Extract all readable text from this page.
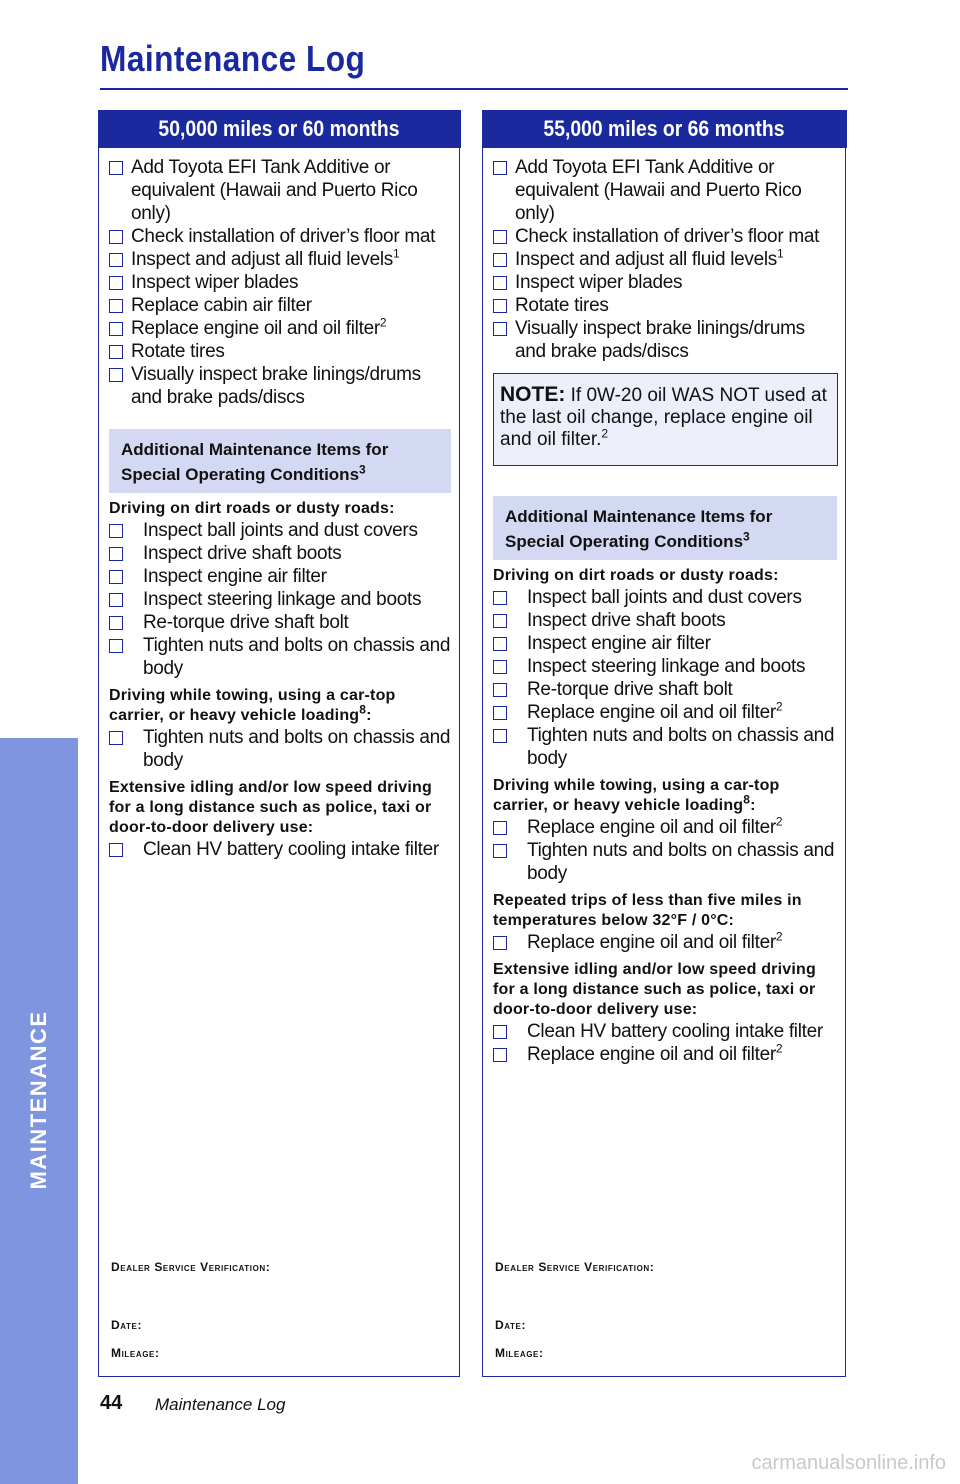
Maintenance Log
MAINTENANCE
50,000 miles or 60 months
Add Toyota EFI Tank Additive or equivalent (Hawaii and Puerto Rico only)
Check installation of driver’s floor mat
Inspect and adjust all fluid levels$^1$
Inspect wiper blades
Replace cabin air filter
Replace engine oil and oil filter$^2$
Rotate tires
Visually inspect brake linings/drums and brake pads/discs
Additional Maintenance Items for Special Operating Conditions$^3$
Driving on dirt roads or dusty roads:
Inspect ball joints and dust covers
Inspect drive shaft boots
Inspect engine air filter
Inspect steering linkage and boots
Re-torque drive shaft bolt
Tighten nuts and bolts on chassis and body
Driving while towing, using a car-top carrier, or heavy vehicle loading$^8$:
Tighten nuts and bolts on chassis and body
Extensive idling and/or low speed driving for a long distance such as police, taxi or door-to-door delivery use:
Clean HV battery cooling intake filter
Dealer Service Verification:
Date:
Mileage:
55,000 miles or 66 months
Add Toyota EFI Tank Additive or equivalent (Hawaii and Puerto Rico only)
Check installation of driver’s floor mat
Inspect and adjust all fluid levels$^1$
Inspect wiper blades
Rotate tires
Visually inspect brake linings/drums and brake pads/discs
NOTE: If 0W-20 oil WAS NOT used at the last oil change, replace engine oil and oil filter.$^2$
Additional Maintenance Items for Special Operating Conditions$^3$
Driving on dirt roads or dusty roads:
Inspect ball joints and dust covers
Inspect drive shaft boots
Inspect engine air filter
Inspect steering linkage and boots
Re-torque drive shaft bolt
Replace engine oil and oil filter$^2$
Tighten nuts and bolts on chassis and body
Driving while towing, using a car-top carrier, or heavy vehicle loading$^8$:
Replace engine oil and oil filter$^2$
Tighten nuts and bolts on chassis and body
Repeated trips of less than five miles in temperatures below 32°F / 0°C:
Replace engine oil and oil filter$^2$
Extensive idling and/or low speed driving for a long distance such as police, taxi or door-to-door delivery use:
Clean HV battery cooling intake filter
Replace engine oil and oil filter$^2$
Dealer Service Verification:
Date:
Mileage:
44 Maintenance Log
carmanualsonline.info
